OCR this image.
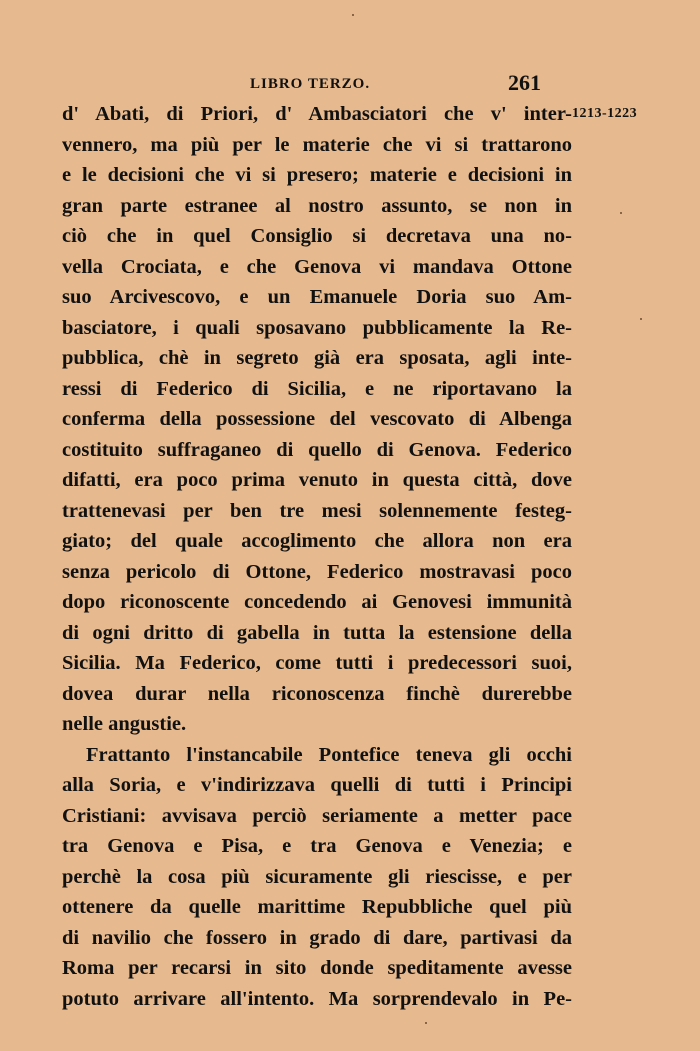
LIBRO TERZO.	261
1213-1223
d' Abati, di Priori, d' Ambasciatori che v' inter-
vennero, ma più per le materie che vi si trattarono
e le decisioni che vi si presero; materie e decisioni in
gran parte estranee al nostro assunto, se non in
ciò che in quel Consiglio si decretava una no-
vella Crociata, e che Genova vi mandava Ottone
suo Arcivescovo, e un Emanuele Doria suo Am-
basciatore, i quali sposavano pubblicamente la Re-
pubblica, chè in segreto già era sposata, agli inte-
ressi di Federico di Sicilia, e ne riportavano la
conferma della possessione del vescovato di Albenga
costituito suffraganeo di quello di Genova. Federico
difatti, era poco prima venuto in questa città, dove
trattenevasi per ben tre mesi solennemente festeg-
giato; del quale accoglimento che allora non era
senza pericolo di Ottone, Federico mostravasi poco
dopo riconoscente concedendo ai Genovesi immunità
di ogni dritto di gabella in tutta la estensione della
Sicilia. Ma Federico, come tutti i predecessori suoi,
dovea durar nella riconoscenza finchè durerebbe
nelle angustie.
Frattanto l'instancabile Pontefice teneva gli occhi
alla Soria, e v'indirizzava quelli di tutti i Principi
Cristiani: avvisava perciò seriamente a metter pace
tra Genova e Pisa, e tra Genova e Venezia; e
perchè la cosa più sicuramente gli riescisse, e per
ottenere da quelle marittime Repubbliche quel più
di navilio che fossero in grado di dare, partivasi da
Roma per recarsi in sito donde speditamente avesse
potuto arrivare all'intento. Ma sorprendevalo in Pe-
